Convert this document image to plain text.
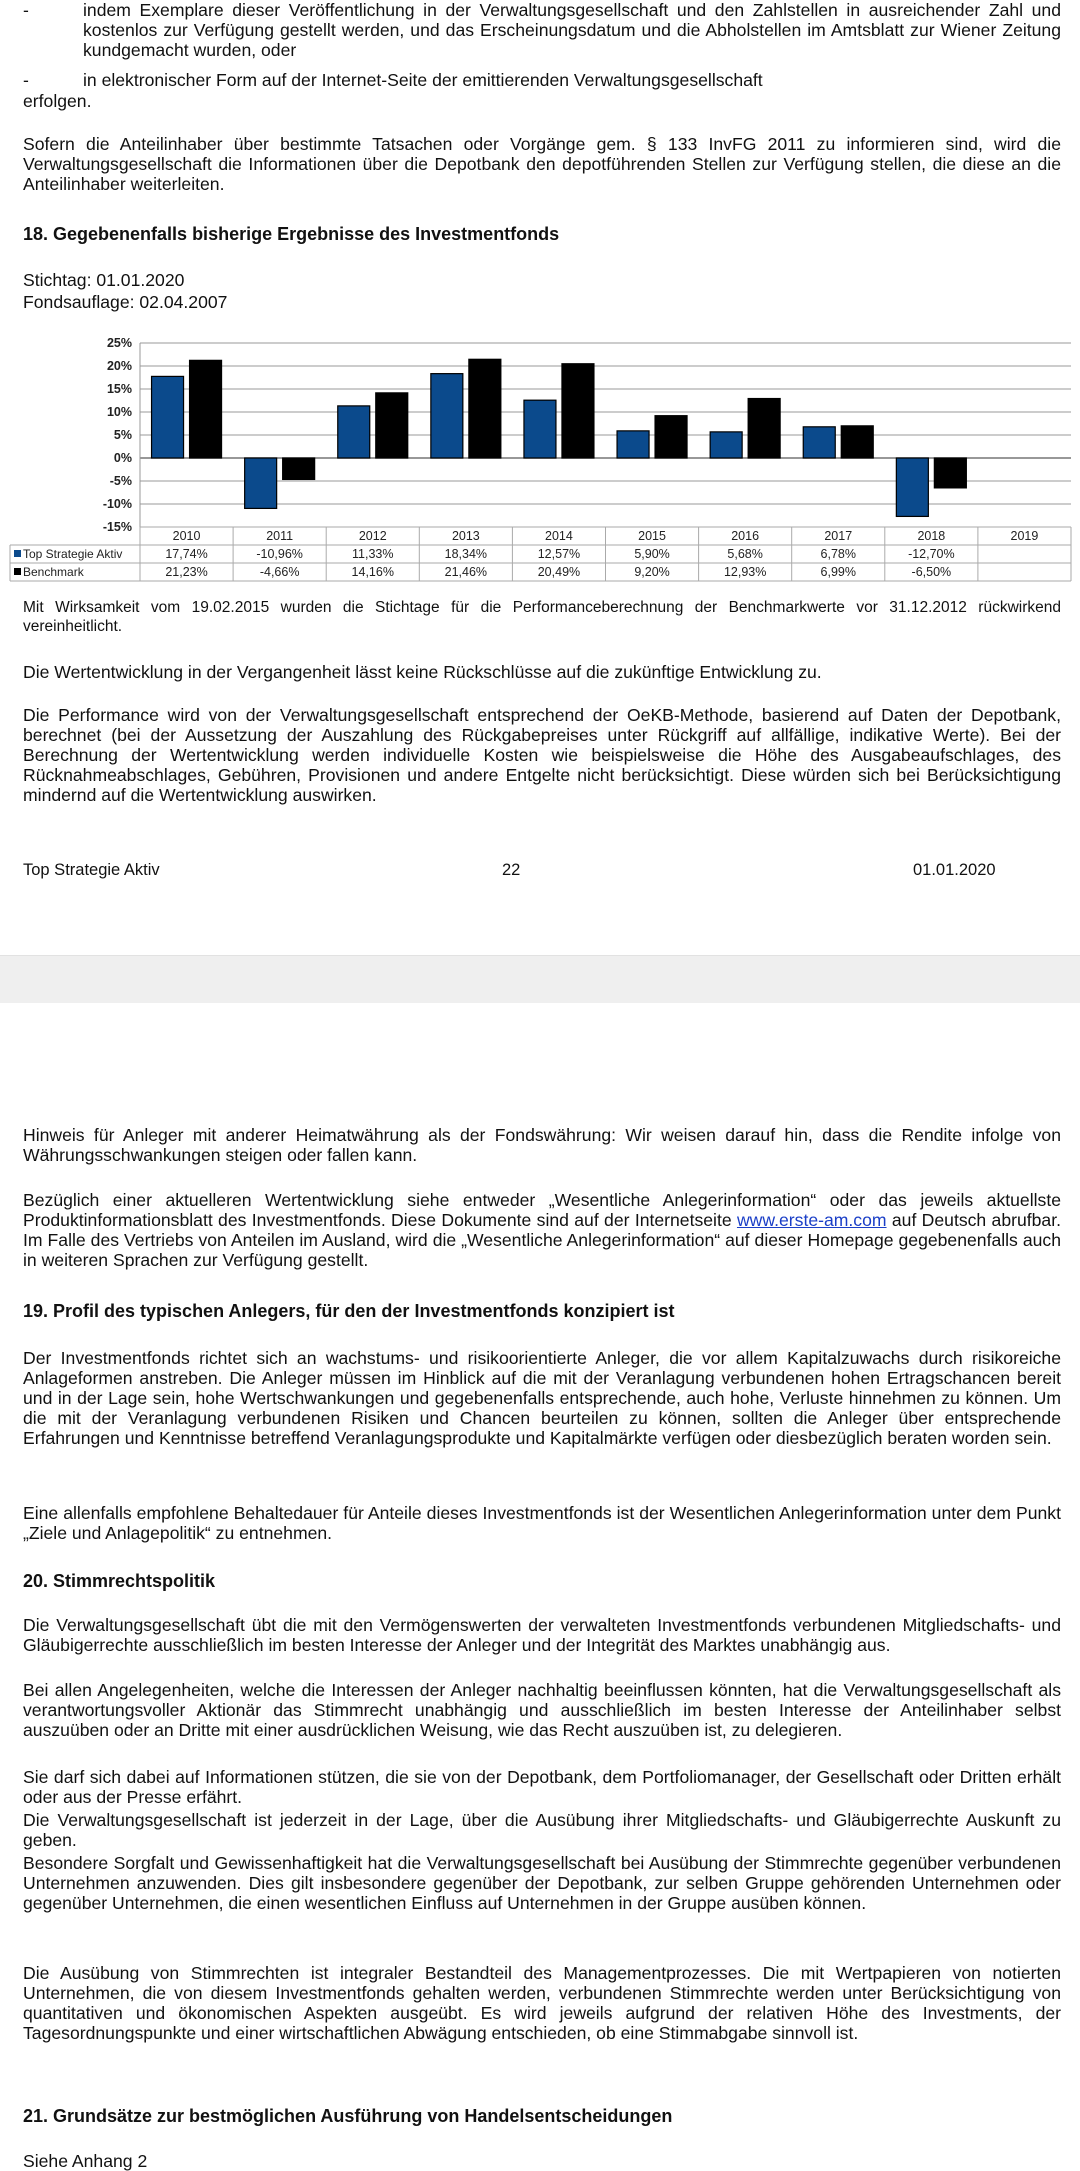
-	indem Exemplare dieser Veröffentlichung in der Verwaltungsgesellschaft und den Zahlstellen in ausreichender Zahl und kostenlos zur Verfügung gestellt werden, und das Erscheinungsdatum und die Abholstellen im Amtsblatt zur Wiener Zeitung kundgemacht wurden, oder
-	in elektronischer Form auf der Internet-Seite der emittierenden Verwaltungsgesellschaft
erfolgen.
Sofern die Anteilinhaber über bestimmte Tatsachen oder Vorgänge gem. § 133 InvFG 2011 zu informieren sind, wird die Verwaltungsgesellschaft die Informationen über die Depotbank den depotführenden Stellen zur Verfügung stellen, die diese an die Anteilinhaber weiterleiten.
18. Gegebenenfalls bisherige Ergebnisse des Investmentfonds
Stichtag: 01.01.2020
Fondsauflage: 02.04.2007
25%
20%
15%
10%
5%
0%
-5%
-10%
-15%
2010	2011	2012	2013	2014	2015	2016	2017	2018	2019
Top Strategie Aktiv	17,74%	-10,96%	11,33%	18,34%	12,57%	5,90%	5,68%	6,78%	-12,70%
Benchmark	21,23%	-4,66%	14,16%	21,46%	20,49%	9,20%	12,93%	6,99%	-6,50%
Mit Wirksamkeit vom 19.02.2015 wurden die Stichtage für die Performanceberechnung der Benchmarkwerte vor 31.12.2012 rückwirkend vereinheitlicht.
Die Wertentwicklung in der Vergangenheit lässt keine Rückschlüsse auf die zukünftige Entwicklung zu.
Die Performance wird von der Verwaltungsgesellschaft entsprechend der OeKB-Methode, basierend auf Daten der Depotbank, berechnet (bei der Aussetzung der Auszahlung des Rückgabepreises unter Rückgriff auf allfällige, indikative Werte). Bei der Berechnung der Wertentwicklung werden individuelle Kosten wie beispielsweise die Höhe des Ausgabeaufschlages, des Rücknahmeabschlages, Gebühren, Provisionen und andere Entgelte nicht berücksichtigt. Diese würden sich bei Berücksichtigung mindernd auf die Wertentwicklung auswirken.
Top Strategie Aktiv	22	01.01.2020
Hinweis für Anleger mit anderer Heimatwährung als der Fondswährung: Wir weisen darauf hin, dass die Rendite infolge von Währungsschwankungen steigen oder fallen kann.
Bezüglich einer aktuelleren Wertentwicklung siehe entweder „Wesentliche Anlegerinformation“ oder das jeweils aktuellste Produktinformationsblatt des Investmentfonds. Diese Dokumente sind auf der Internetseite www.erste-am.com auf Deutsch abrufbar. Im Falle des Vertriebs von Anteilen im Ausland, wird die „Wesentliche Anlegerinformation“ auf dieser Homepage gegebenenfalls auch in weiteren Sprachen zur Verfügung gestellt.
19. Profil des typischen Anlegers, für den der Investmentfonds konzipiert ist
Der Investmentfonds richtet sich an wachstums- und risikoorientierte Anleger, die vor allem Kapitalzuwachs durch risikoreiche Anlageformen anstreben. Die Anleger müssen im Hinblick auf die mit der Veranlagung verbundenen hohen Ertragschancen bereit und in der Lage sein, hohe Wertschwankungen und gegebenenfalls entsprechende, auch hohe, Verluste hinnehmen zu können. Um die mit der Veranlagung verbundenen Risiken und Chancen beurteilen zu können, sollten die Anleger über entsprechende Erfahrungen und Kenntnisse betreffend Veranlagungsprodukte und Kapitalmärkte verfügen oder diesbezüglich beraten worden sein.
Eine allenfalls empfohlene Behaltedauer für Anteile dieses Investmentfonds ist der Wesentlichen Anlegerinformation unter dem Punkt „Ziele und Anlagepolitik“ zu entnehmen.
20. Stimmrechtspolitik
Die Verwaltungsgesellschaft übt die mit den Vermögenswerten der verwalteten Investmentfonds verbundenen Mitgliedschafts- und Gläubigerrechte ausschließlich im besten Interesse der Anleger und der Integrität des Marktes unabhängig aus.
Bei allen Angelegenheiten, welche die Interessen der Anleger nachhaltig beeinflussen könnten, hat die Verwaltungsgesellschaft als verantwortungsvoller Aktionär das Stimmrecht unabhängig und ausschließlich im besten Interesse der Anteilinhaber selbst auszuüben oder an Dritte mit einer ausdrücklichen Weisung, wie das Recht auszuüben ist, zu delegieren.
Sie darf sich dabei auf Informationen stützen, die sie von der Depotbank, dem Portfoliomanager, der Gesellschaft oder Dritten erhält oder aus der Presse erfährt.
Die Verwaltungsgesellschaft ist jederzeit in der Lage, über die Ausübung ihrer Mitgliedschafts- und Gläubigerrechte Auskunft zu geben.
Besondere Sorgfalt und Gewissenhaftigkeit hat die Verwaltungsgesellschaft bei Ausübung der Stimmrechte gegenüber verbundenen Unternehmen anzuwenden. Dies gilt insbesondere gegenüber der Depotbank, zur selben Gruppe gehörenden Unternehmen oder gegenüber Unternehmen, die einen wesentlichen Einfluss auf Unternehmen in der Gruppe ausüben können.
Die Ausübung von Stimmrechten ist integraler Bestandteil des Managementprozesses. Die mit Wertpapieren von notierten Unternehmen, die von diesem Investmentfonds gehalten werden, verbundenen Stimmrechte werden unter Berücksichtigung von quantitativen und ökonomischen Aspekten ausgeübt. Es wird jeweils aufgrund der relativen Höhe des Investments, der Tagesordnungspunkte und einer wirtschaftlichen Abwägung entschieden, ob eine Stimmabgabe sinnvoll ist.
21. Grundsätze zur bestmöglichen Ausführung von Handelsentscheidungen
Siehe Anhang 2
